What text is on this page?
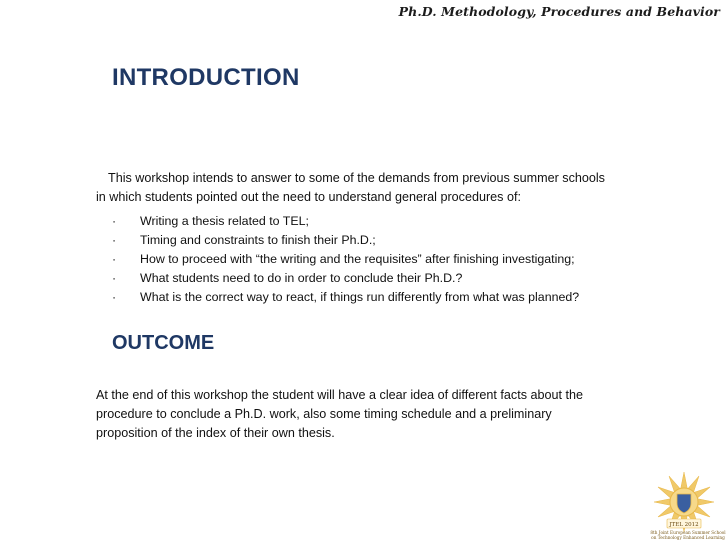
Ph.D. Methodology, Procedures and Behavior
INTRODUCTION
This workshop intends to answer to some of the demands from previous summer schools in which students pointed out the need to understand general procedures of:
·	Writing a thesis related to TEL;
·	Timing and constraints to finish their Ph.D.;
·	How to proceed with “the writing and the requisites” after finishing investigating;
·	What students need to do in order to conclude their Ph.D.?
·	What is the correct way to react, if things run differently from what was planned?
OUTCOME
At the end of this workshop the student will have a clear idea of different facts about the procedure to conclude a Ph.D. work, also some timing schedule and a preliminary proposition of the index of their own thesis.
JTEL 2012
8th Joint European Summer School
on Technology Enhanced Learning
